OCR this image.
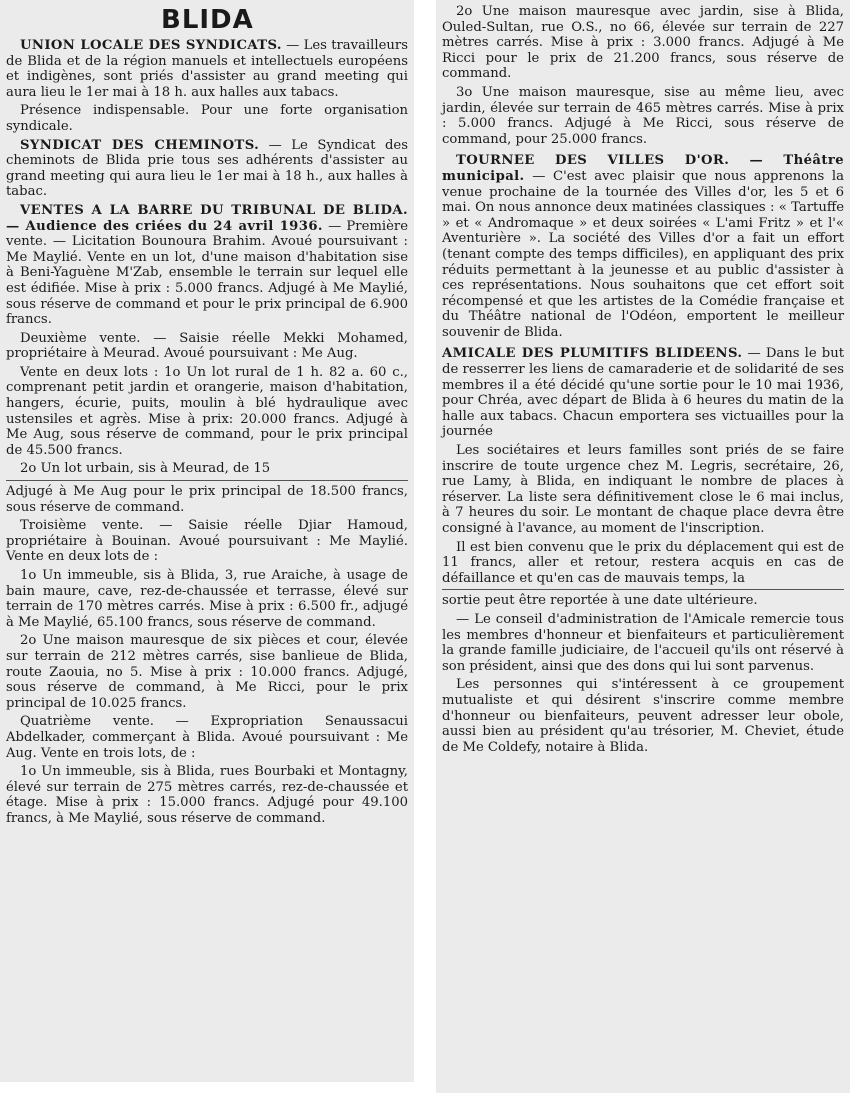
BLIDA

UNION LOCALE DES SYNDICATS. — Les travailleurs de Blida et de la région manuels et intellectuels européens et indigènes, sont priés d'assister au grand meeting qui aura lieu le 1er mai à 18 h. aux halles aux tabacs.

Présence indispensable. Pour une forte organisation syndicale.

SYNDICAT DES CHEMINOTS. — Le Syndicat des cheminots de Blida prie tous ses adhérents d'assister au grand meeting qui aura lieu le 1er mai à 18 h., aux halles à tabac.

VENTES A LA BARRE DU TRIBUNAL DE BLIDA. — Audience des criées du 24 avril 1936. — Première vente. — Licitation Bounoura Brahim. Avoué poursuivant : Me Maylié. Vente en un lot, d'une maison d'habitation sise à Beni-Yaguène M'Zab, ensemble le terrain sur lequel elle est édifiée. Mise à prix : 5.000 francs. Adjugé à Me Maylié, sous réserve de command et pour le prix principal de 6.900 francs.

Deuxième vente. — Saisie réelle Mekki Mohamed, propriétaire à Meurad. Avoué poursuivant : Me Aug.

Vente en deux lots : 1o Un lot rural de 1 h. 82 a. 60 c., comprenant petit jardin et orangerie, maison d'habitation, hangers, écurie, puits, moulin à blé hydraulique avec ustensiles et agrès. Mise à prix: 20.000 francs. Adjugé à Me Aug, sous réserve de command, pour le prix principal de 45.500 francs.

2o Un lot urbain, sis à Meurad, de 15

Adjugé à Me Aug pour le prix principal de 18.500 francs, sous réserve de command.

Troisième vente. — Saisie réelle Djiar Hamoud, propriétaire à Bouinan. Avoué poursuivant : Me Maylié. Vente en deux lots de :

1o Un immeuble, sis à Blida, 3, rue Araiche, à usage de bain maure, cave, rez-de-chaussée et terrasse, élevé sur terrain de 170 mètres carrés. Mise à prix : 6.500 fr., adjugé à Me Maylié, 65.100 francs, sous réserve de command.

2o Une maison mauresque de six pièces et cour, élevée sur terrain de 212 mètres carrés, sise banlieue de Blida, route Zaouia, no 5. Mise à prix : 10.000 francs. Adjugé, sous réserve de command, à Me Ricci, pour le prix principal de 10.025 francs.

Quatrième vente. — Expropriation Senaussacui Abdelkader, commerçant à Blida. Avoué poursuivant : Me Aug. Vente en trois lots, de :

1o Un immeuble, sis à Blida, rues Bourbaki et Montagny, élevé sur terrain de 275 mètres carrés, rez-de-chaussée et étage. Mise à prix : 15.000 francs. Adjugé pour 49.100 francs, à Me Maylié, sous réserve de command.

2o Une maison mauresque avec jardin, sise à Blida, Ouled-Sultan, rue O.S., no 66, élevée sur terrain de 227 mètres carrés. Mise à prix : 3.000 francs. Adjugé à Me Ricci pour le prix de 21.200 francs, sous réserve de command.

3o Une maison mauresque, sise au même lieu, avec jardin, élevée sur terrain de 465 mètres carrés. Mise à prix : 5.000 francs. Adjugé à Me Ricci, sous réserve de command, pour 25.000 francs.

TOURNEE DES VILLES D'OR. — Théâtre municipal. — C'est avec plaisir que nous apprenons la venue prochaine de la tournée des Villes d'or, les 5 et 6 mai. On nous annonce deux matinées classiques : « Tartuffe » et « Andromaque » et deux soirées « L'ami Fritz » et l'« Aventurière ». La société des Villes d'or a fait un effort (tenant compte des temps difficiles), en appliquant des prix réduits permettant à la jeunesse et au public d'assister à ces représentations. Nous souhaitons que cet effort soit récompensé et que les artistes de la Comédie française et du Théâtre national de l'Odéon, emportent le meilleur souvenir de Blida.

AMICALE DES PLUMITIFS BLIDEENS. — Dans le but de resserrer les liens de camaraderie et de solidarité de ses membres il a été décidé qu'une sortie pour le 10 mai 1936, pour Chréa, avec départ de Blida à 6 heures du matin de la halle aux tabacs. Chacun emportera ses victuailles pour la journée

Les sociétaires et leurs familles sont priés de se faire inscrire de toute urgence chez M. Legris, secrétaire, 26, rue Lamy, à Blida, en indiquant le nombre de places à réserver. La liste sera définitivement close le 6 mai inclus, à 7 heures du soir. Le montant de chaque place devra être consigné à l'avance, au moment de l'inscription.

Il est bien convenu que le prix du déplacement qui est de 11 francs, aller et retour, restera acquis en cas de défaillance et qu'en cas de mauvais temps, la

sortie peut être reportée à une date ultérieure.

— Le conseil d'administration de l'Amicale remercie tous les membres d'honneur et bienfaiteurs et particulièrement la grande famille judiciaire, de l'accueil qu'ils ont réservé à son président, ainsi que des dons qui lui sont parvenus.

Les personnes qui s'intéressent à ce groupement mutualiste et qui désirent s'inscrire comme membre d'honneur ou bienfaiteurs, peuvent adresser leur obole, aussi bien au président qu'au trésorier, M. Cheviet, étude de Me Coldefy, notaire à Blida.
